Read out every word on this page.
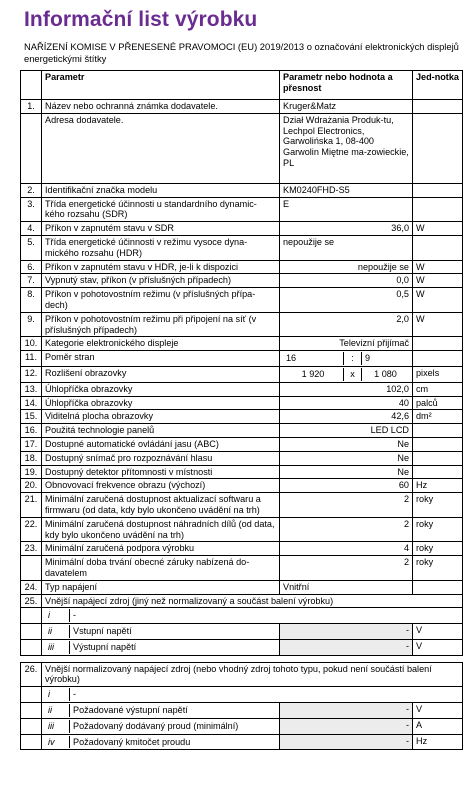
Informační list výrobku
NAŘÍZENÍ KOMISE V PŘENESENÉ PRAVOMOCI (EU) 2019/2013 o označování elektronických displejů energetickými štítky
	Parametr	Parametr nebo hodnota a přesnost	Jed-notka
1.	Název nebo ochranná známka dodavatele.	Kruger&Matz	
	Adresa dodavatele.	Dział Wdrażania Produk-tu, Lechpol Electronics, Garwolińska 1, 08-400 Garwolin Miętne ma-zowieckie, PL	
2.	Identifikační značka modelu	KM0240FHD-S5	
3.	Třída energetické účinnosti u standardního dynamic-kého rozsahu (SDR)	E	
4.	Příkon v zapnutém stavu v SDR	36,0	W
5.	Třída energetické účinnosti v režimu vysoce dyna-mického rozsahu (HDR)	nepoužije se	
6.	Příkon v zapnutém stavu v HDR, je-li k dispozici	nepoužije se	W
7.	Vypnutý stav, příkon (v příslušných případech)	0,0	W
8.	Příkon v pohotovostním režimu (v příslušných přípa-dech)	0,5	W
9.	Příkon v pohotovostním režimu při připojení na síť (v příslušných případech)	2,0	W
10.	Kategorie elektronického displeje	Televizní přijímač	
11.	Poměr stran	16 : 9	

12.	Rozlišení obrazovky	1 920 x 1 080	pixels
13.	Úhlopříčka obrazovky	102,0	cm
14.	Úhlopříčka obrazovky	40	palců
15.	Viditelná plocha obrazovky	42,6	dm²
16.	Použitá technologie panelů	LED LCD	
17.	Dostupné automatické ovládání jasu (ABC)	Ne	
18.	Dostupný snímač pro rozpoznávání hlasu	Ne	
19.	Dostupný detektor přítomnosti v místnosti	Ne	
20.	Obnovovací frekvence obrazu (výchozí)	60	Hz
21.	Minimální zaručená dostupnost aktualizací softwaru a firmwaru (od data, kdy bylo ukončeno uvádění na trh)	2	roky
22.	Minimální zaručená dostupnost náhradních dílů (od data, kdy bylo ukončeno uvádění na trh)	2	roky
23.	Minimální zaručená podpora výrobku	4	roky
	Minimální doba trvání obecné záruky nabízená do-davatelem	2	roky
24.	Typ napájení	Vnitřní	
25.	Vnější napájecí zdroj (jiný než normalizovaný a součást balení výrobku)		

	i -		

	ii Vstupní napětí	-	V

	iii Výstupní napětí	-	V

26.	Vnější normalizovaný napájecí zdroj (nebo vhodný zdroj tohoto typu, pokud není součástí balení výrobku)		

	i -		

	ii Požadované výstupní napětí	-	V

	iii Požadovaný dodávaný proud (minimální)	-	A

	iv Požadovaný kmitočet proudu	-	Hz
